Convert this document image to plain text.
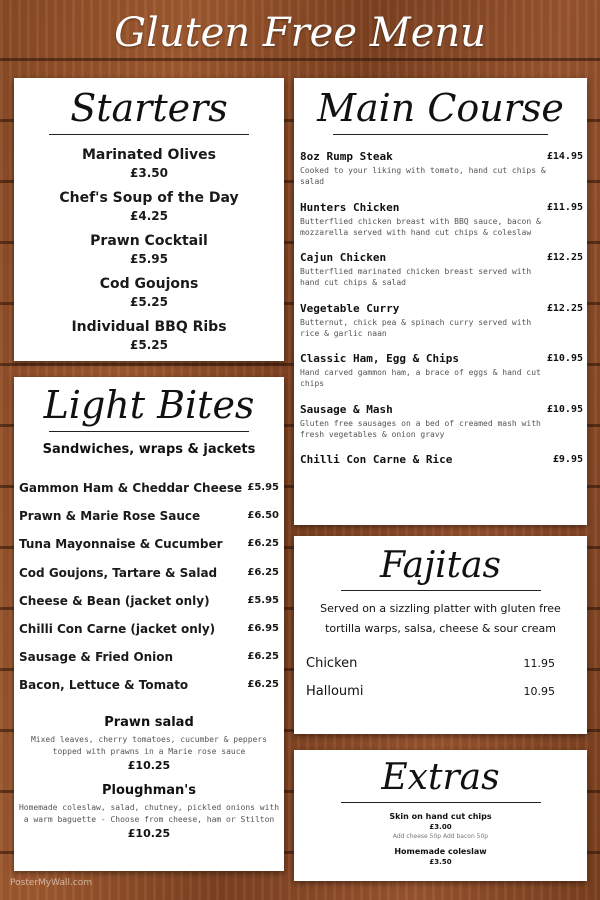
Gluten Free Menu
Starters
Marinated Olives
£3.50
Chef's Soup of the Day
£4.25
Prawn Cocktail
£5.95
Cod Goujons
£5.25
Individual BBQ Ribs
£5.25
Main Course
8oz Rump Steak	£14.95
Cooked to your liking with tomato, hand cut chips & salad
Hunters Chicken	£11.95
Butterflied chicken breast with BBQ sauce, bacon & mozzarella served with hand cut chips & coleslaw
Cajun Chicken	£12.25
Butterflied marinated chicken breast served with hand cut chips & salad
Vegetable Curry	£12.25
Butternut, chick pea & spinach curry served with rice & garlic naan
Classic Ham, Egg & Chips	£10.95
Hand carved gammon ham, a brace of eggs & hand cut chips
Sausage & Mash	£10.95
Gluten free sausages on a bed of creamed mash with fresh vegetables & onion gravy
Chilli Con Carne & Rice	£9.95
Light Bites
Sandwiches, wraps & jackets
Gammon Ham & Cheddar Cheese £5.95
Prawn & Marie Rose Sauce	£6.50
Tuna Mayonnaise & Cucumber	£6.25
Cod Goujons, Tartare & Salad	£6.25
Cheese & Bean (jacket only)	£5.95
Chilli Con Carne (jacket only)	£6.95
Sausage & Fried Onion	£6.25
Bacon, Lettuce & Tomato	£6.25
Prawn salad
Mixed leaves, cherry tomatoes, cucumber & peppers topped with prawns in a Marie rose sauce
£10.25
Ploughman's
Homemade coleslaw, salad, chutney, pickled onions with a warm baguette - Choose from cheese, ham or Stilton
£10.25
Fajitas
Served on a sizzling platter with gluten free
tortilla warps, salsa, cheese & sour cream
Chicken	11.95
Halloumi	10.95
Extras
Skin on hand cut chips
£3.00
Add cheese 50p Add bacon 50p
Homemade coleslaw
£3.50
PosterMyWall.com
